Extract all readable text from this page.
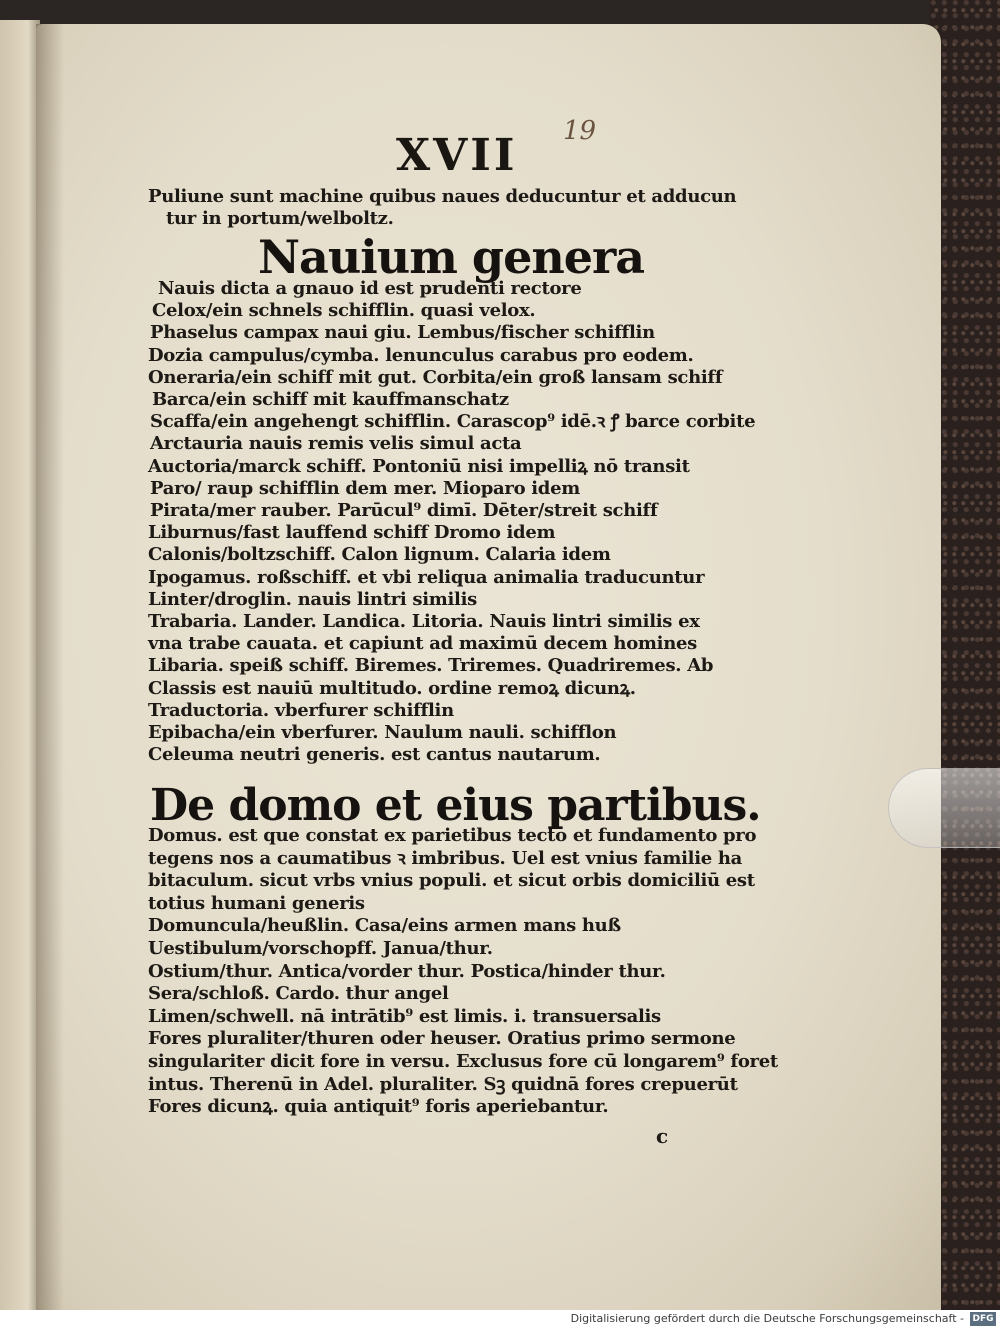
XVII 19
Puliune sunt machine quibus naues deducuntur et adducun
tur in portum/welboltz.
Nauium genera
Nauis dicta a gnauo id est prudenti rectore
Celox/ein schnels schifflin. quasi velox.
Phaselus campax naui giu. Lembus/fischer schifflin
Dozia campulus/cymba. lenunculus carabus pro eodem.
Oneraria/ein schiff mit gut. Corbita/ein groß lansam schiff
Barca/ein schiff mit kauffmanschatz
Scaffa/ein angehengt schifflin. Carascop⁹ idē.ꝛ ꝭ barce corbite
Arctauria nauis remis velis simul acta
Auctoria/marck schiff. Pontoniū nisi impelliꝝ nō transit
Paro/ raup schifflin dem mer. Mioparo idem
Pirata/mer rauber. Parūcul⁹ dimī. Dēter/streit schiff
Liburnus/fast lauffend schiff Dromo idem
Calonis/boltzschiff. Calon lignum. Calaria idem
Ipogamus. roßschiff. et vbi reliqua animalia traducuntur
Linter/droglin. nauis lintri similis
Trabaria. Lander. Landica. Litoria. Nauis lintri similis ex
vna trabe cauata. et capiunt ad maximū decem homines
Libaria. speiß schiff. Biremes. Triremes. Quadriremes. Ab
Classis est nauiū multitudo. ordine remoꝝ dicunꝝ.
Traductoria. vberfurer schifflin
Epibacha/ein vberfurer. Naulum nauli. schifflon
Celeuma neutri generis. est cantus nautarum.
De domo et eius partibus.
Domus. est que constat ex parietibus tecto et fundamento pro
tegens nos a caumatibus ꝛ imbribus. Uel est vnius familie ha
bitaculum. sicut vrbs vnius populi. et sicut orbis domiciliū est
totius humani generis
Domuncula/heußlin. Casa/eins armen mans huß
Uestibulum/vorschopff. Janua/thur.
Ostium/thur. Antica/vorder thur. Postica/hinder thur.
Sera/schloß. Cardo. thur angel
Limen/schwell. nā intrātib⁹ est limis. i. transuersalis
Fores pluraliter/thuren oder heuser. Oratius primo sermone
singulariter dicit fore in versu. Exclusus fore cū longarem⁹ foret
intus. Therenū in Adel. pluraliter. Sꝫ quidnā fores crepuerūt
Fores dicunꝝ. quia antiquit⁹ foris aperiebantur.
c
Digitalisierung gefördert durch die Deutsche Forschungsgemeinschaft - DFG
